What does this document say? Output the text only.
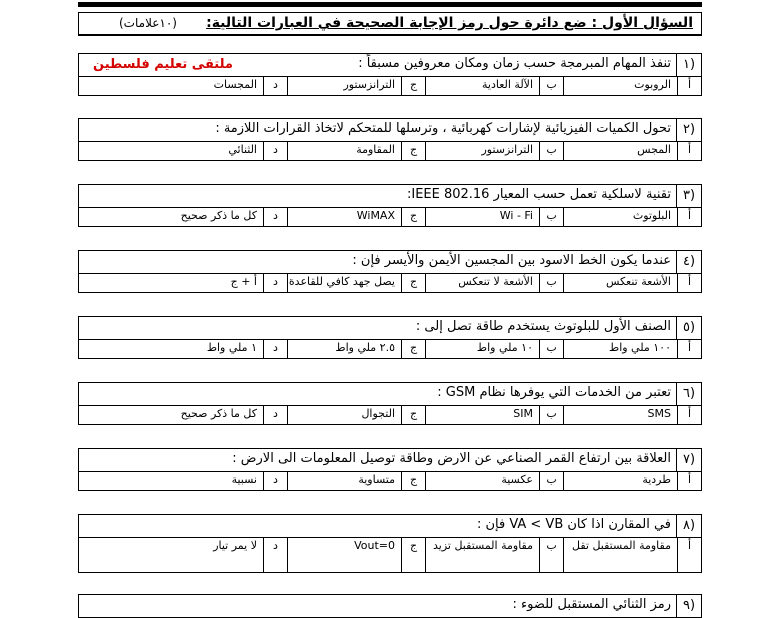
السؤال الأول : ضع دائرة حول رمز الإجابة الصحيحة في العبارات التالية:
(١٠علامات)
١)
تنفذ المهام المبرمجة حسب زمان ومكان معروفين مسبقاً :
ملتقى تعليم فلسطين
أ
الروبوت
ب
الآلة العادية
ج
الترانزستور
د
المجسات
٢)
تحول الكميات الفيزيائية لإشارات كهربائية ، وترسلها للمتحكم لاتخاذ القرارات اللازمة :
أ
المجس
ب
الترانزستور
ج
المقاومة
د
الثنائي
٣)
تقنية لاسلكية تعمل حسب المعيار IEEE 802.16:
أ
البلوتوث
ب
Wi - Fi
ج
WiMAX
د
كل ما ذكر صحيح
٤)
عندما يكون الخط الاسود بين المجسين الأيمن والأيسر فإن :
أ
الأشعة تنعكس
ب
الأشعة لا تنعكس
ج
يصل جهد كافي للقاعدة
د
أ + ج
٥)
الصنف الأول للبلوتوث يستخدم طاقة تصل إلى :
أ
١٠٠ ملي واط
ب
١٠ ملي واط
ج
٢.٥ ملي واط
د
١ ملي واط
٦)
تعتبر من الخدمات التي يوفرها نظام GSM :
أ
SMS
ب
SIM
ج
التجوال
د
كل ما ذكر صحيح
٧)
العلاقة بين ارتفاع القمر الصناعي عن الارض وطاقة توصيل المعلومات الى الارض :
أ
طردية
ب
عكسية
ج
متساوية
د
نسبية
٨)
في المقارن اذا كان VA < VB فإن :
أ
مقاومة المستقبل تقل
ب
مقاومة المستقبل تزيد
ج
Vout=0
د
لا يمر تيار
٩)
رمز الثنائي المستقبل للضوء :
